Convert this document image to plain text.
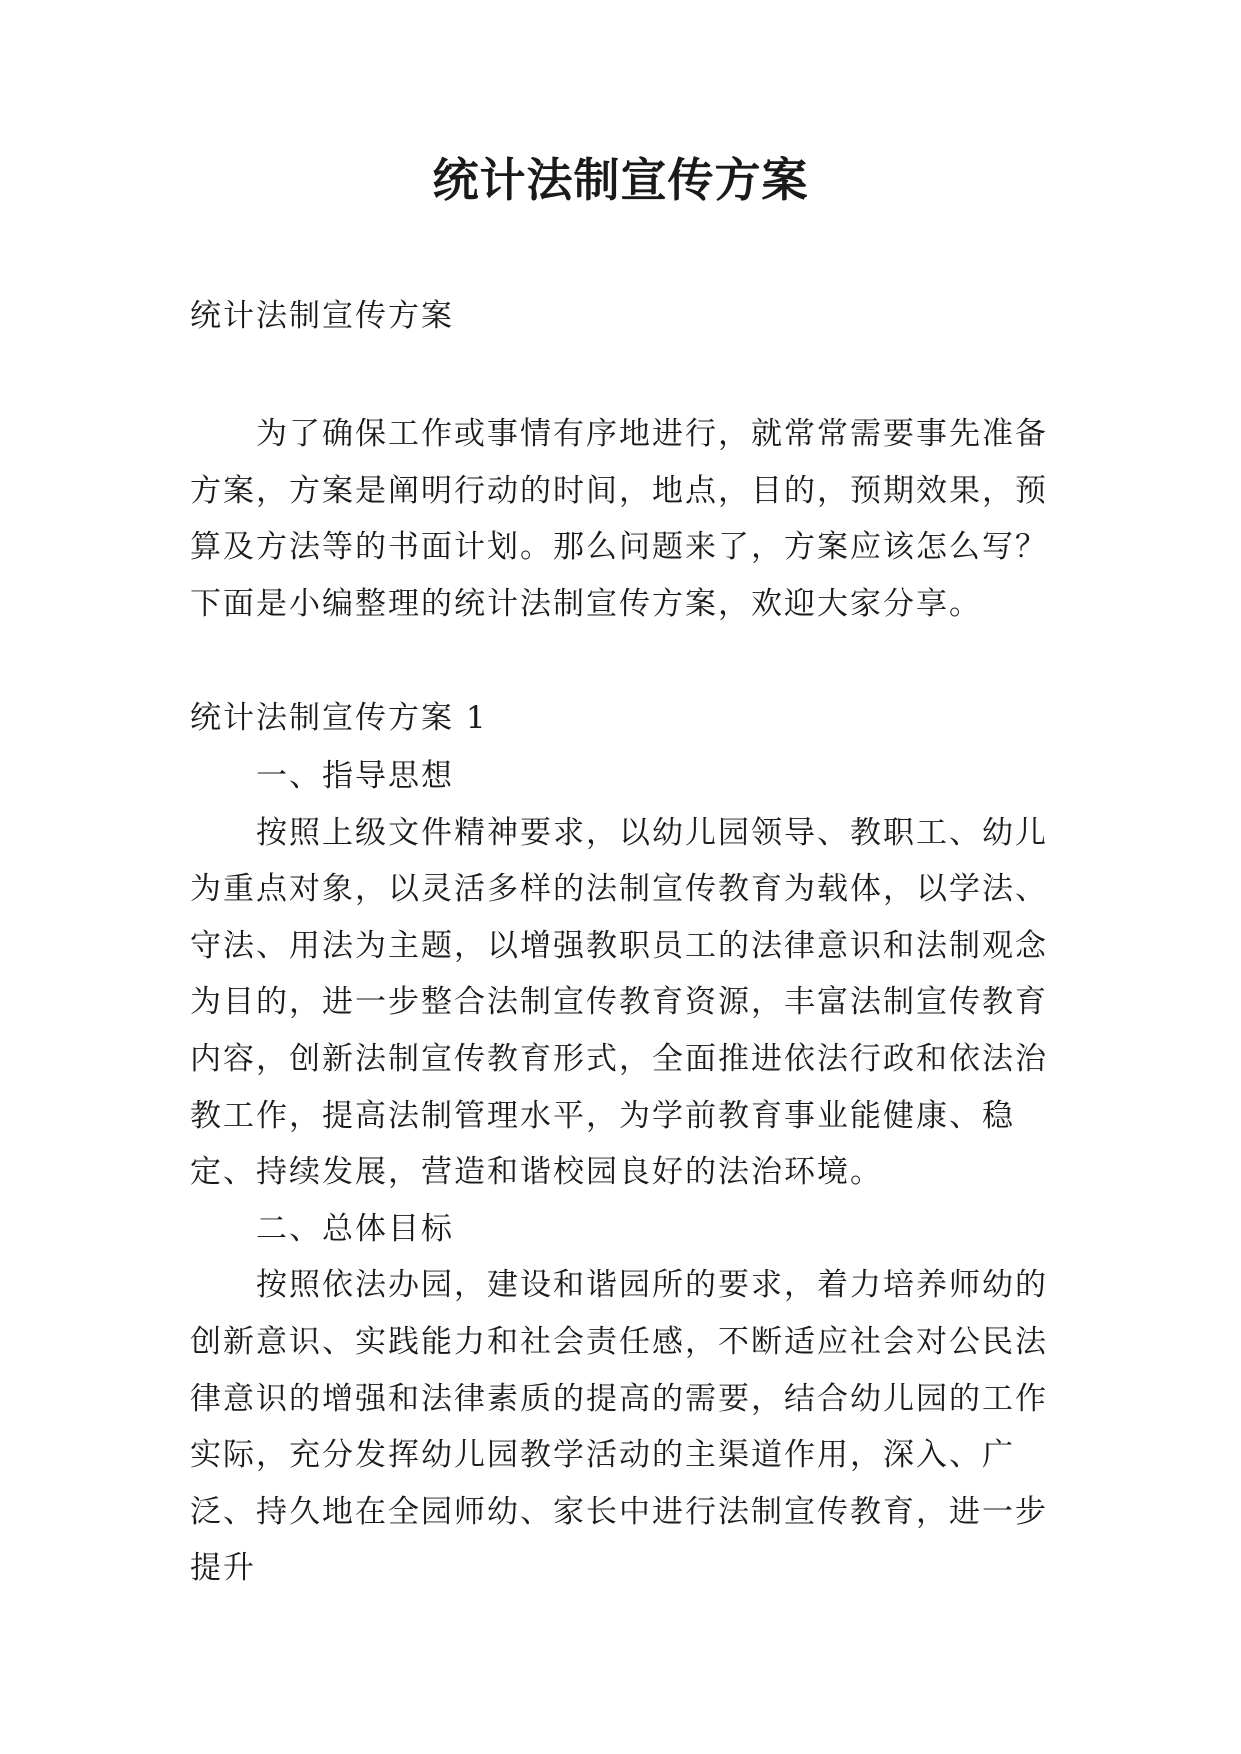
统计法制宣传方案
统计法制宣传方案
为了确保工作或事情有序地进行，就常常需要事先准备方案，方案是阐明行动的时间，地点，目的，预期效果，预算及方法等的书面计划。那么问题来了，方案应该怎么写？下面是小编整理的统计法制宣传方案，欢迎大家分享。
统计法制宣传方案 1

一、指导思想

按照上级文件精神要求，以幼儿园领导、教职工、幼儿为重点对象，以灵活多样的法制宣传教育为载体，以学法、守法、用法为主题，以增强教职员工的法律意识和法制观念为目的，进一步整合法制宣传教育资源，丰富法制宣传教育内容，创新法制宣传教育形式，全面推进依法行政和依法治教工作，提高法制管理水平，为学前教育事业能健康、稳定、持续发展，营造和谐校园良好的法治环境。

二、总体目标

按照依法办园，建设和谐园所的要求，着力培养师幼的创新意识、实践能力和社会责任感，不断适应社会对公民法律意识的增强和法律素质的提高的需要，结合幼儿园的工作实际，充分发挥幼儿园教学活动的主渠道作用，深入、广泛、持久地在全园师幼、家长中进行法制宣传教育，进一步提升
